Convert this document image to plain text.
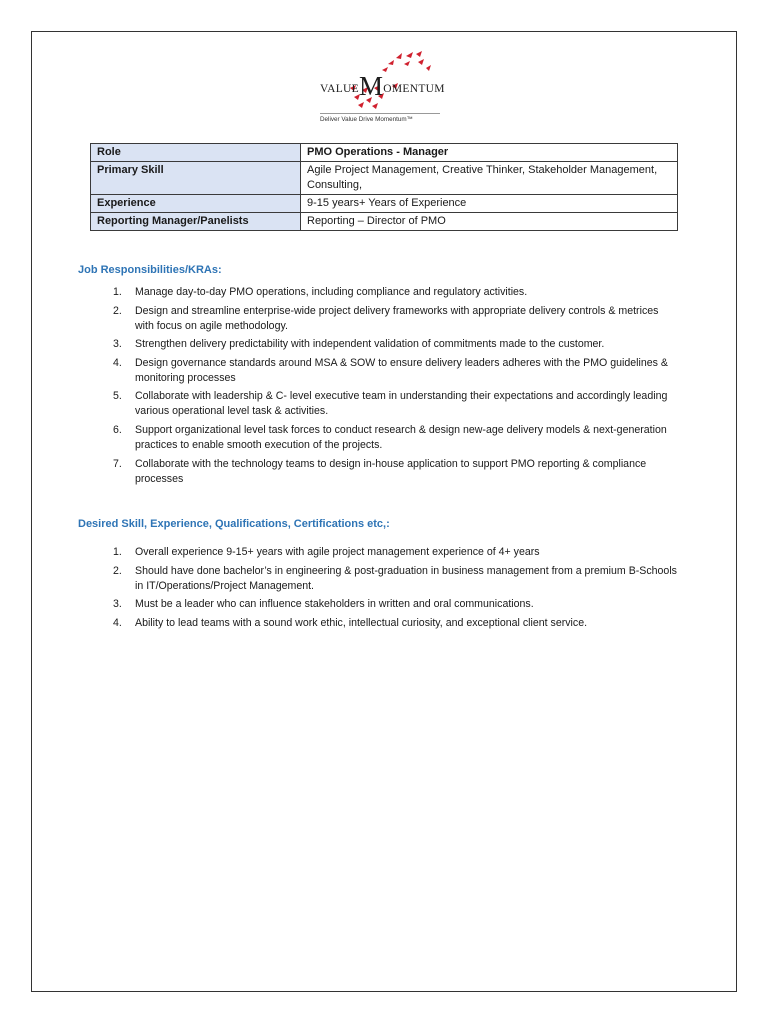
VALUEMOMENTUM
Deliver Value Drive Momentum™
Role	PMO Operations - Manager
Primary Skill	Agile Project Management, Creative Thinker, Stakeholder Management, Consulting,
Experience	9-15 years+ Years of Experience
Reporting Manager/Panelists	Reporting – Director of PMO
Job Responsibilities/KRAs:
1. Manage day-to-day PMO operations, including compliance and regulatory activities.
2. Design and streamline enterprise-wide project delivery frameworks with appropriate delivery controls & metrices with focus on agile methodology.
3. Strengthen delivery predictability with independent validation of commitments made to the customer.
4. Design governance standards around MSA & SOW to ensure delivery leaders adheres with the PMO guidelines & monitoring processes
5. Collaborate with leadership & C- level executive team in understanding their expectations and accordingly leading various operational level task & activities.
6. Support organizational level task forces to conduct research & design new-age delivery models & next-generation practices to enable smooth execution of the projects.
7. Collaborate with the technology teams to design in-house application to support PMO reporting & compliance processes
Desired Skill, Experience, Qualifications, Certifications etc,:
1. Overall experience 9-15+ years with agile project management experience of 4+ years
2. Should have done bachelor’s in engineering & post-graduation in business management from a premium B-Schools in IT/Operations/Project Management.
3. Must be a leader who can influence stakeholders in written and oral communications.
4. Ability to lead teams with a sound work ethic, intellectual curiosity, and exceptional client service.
